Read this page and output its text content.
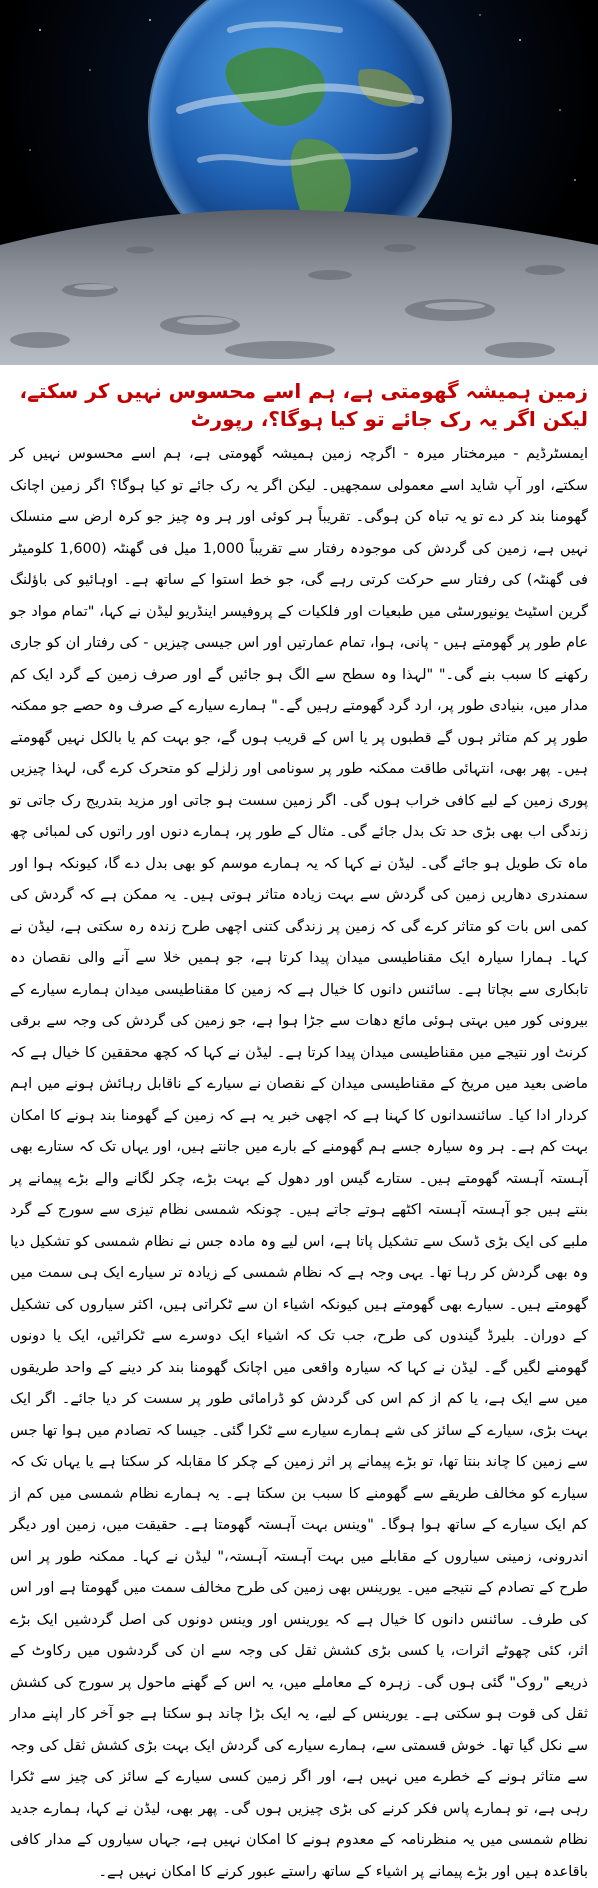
زمین ہمیشہ گھومتی ہے، ہم اسے محسوس نہیں کر سکتے، لیکن اگر یہ رک جائے تو کیا ہوگا؟، رپورٹ

ایمسٹرڈیم - میرمختار میرہ - اگرچہ زمین ہمیشہ گھومتی ہے، ہم اسے محسوس نہیں کر سکتے، اور آپ شاید اسے معمولی سمجھیں۔ لیکن اگر یہ رک جائے تو کیا ہوگا؟ اگر زمین اچانک گھومنا بند کر دے تو یہ تباہ کن ہوگی۔ تقریباً ہر کوئی اور ہر وہ چیز جو کرہ ارض سے منسلک نہیں ہے، زمین کی گردش کی موجودہ رفتار سے تقریباً 1,000 میل فی گھنٹہ (1,600 کلومیٹر فی گھنٹہ) کی رفتار سے حرکت کرتی رہے گی، جو خط استوا کے ساتھ ہے۔ اوہائیو کی باؤلنگ گرین اسٹیٹ یونیورسٹی میں طبعیات اور فلکیات کے پروفیسر اینڈریو لیڈن نے کہا، "تمام مواد جو عام طور پر گھومتے ہیں - پانی، ہوا، تمام عمارتیں اور اس جیسی چیزیں - کی رفتار ان کو جاری رکھنے کا سبب بنے گی۔" "لہذا وہ سطح سے الگ ہو جائیں گے اور صرف زمین کے گرد ایک کم مدار میں، بنیادی طور پر، ارد گرد گھومتے رہیں گے۔" ہمارے سیارے کے صرف وہ حصے جو ممکنہ طور پر کم متاثر ہوں گے قطبوں پر یا اس کے قریب ہوں گے، جو بہت کم یا بالکل نہیں گھومتے ہیں۔ پھر بھی، انتہائی طاقت ممکنہ طور پر سونامی اور زلزلے کو متحرک کرے گی، لہذا چیزیں پوری زمین کے لیے کافی خراب ہوں گی۔ اگر زمین سست ہو جاتی اور مزید بتدریج رک جاتی تو زندگی اب بھی بڑی حد تک بدل جائے گی۔ مثال کے طور پر، ہمارے دنوں اور راتوں کی لمبائی چھ ماہ تک طویل ہو جائے گی۔ لیڈن نے کہا کہ یہ ہمارے موسم کو بھی بدل دے گا، کیونکہ ہوا اور سمندری دھاریں زمین کی گردش سے بہت زیادہ متاثر ہوتی ہیں۔ یہ ممکن ہے کہ گردش کی کمی اس بات کو متاثر کرے گی کہ زمین پر زندگی کتنی اچھی طرح زندہ رہ سکتی ہے، لیڈن نے کہا۔ ہمارا سیارہ ایک مقناطیسی میدان پیدا کرتا ہے، جو ہمیں خلا سے آنے والی نقصان دہ تابکاری سے بچاتا ہے۔ سائنس دانوں کا خیال ہے کہ زمین کا مقناطیسی میدان ہمارے سیارے کے بیرونی کور میں بہتی ہوئی مائع دھات سے جڑا ہوا ہے، جو زمین کی گردش کی وجہ سے برقی کرنٹ اور نتیجے میں مقناطیسی میدان پیدا کرتا ہے۔ لیڈن نے کہا کہ کچھ محققین کا خیال ہے کہ ماضی بعید میں مریخ کے مقناطیسی میدان کے نقصان نے سیارے کے ناقابل رہائش ہونے میں اہم کردار ادا کیا۔ سائنسدانوں کا کہنا ہے کہ اچھی خبر یہ ہے کہ زمین کے گھومنا بند ہونے کا امکان بہت کم ہے۔ ہر وہ سیارہ جسے ہم گھومنے کے بارے میں جانتے ہیں، اور یہاں تک کہ ستارے بھی آہستہ آہستہ گھومتے ہیں۔ ستارے گیس اور دھول کے بہت بڑے، چکر لگانے والے بڑے پیمانے پر بنتے ہیں جو آہستہ آہستہ اکٹھے ہوتے جاتے ہیں۔ چونکہ شمسی نظام تیزی سے سورج کے گرد ملبے کی ایک بڑی ڈسک سے تشکیل پاتا ہے، اس لیے وہ مادہ جس نے نظام شمسی کو تشکیل دیا وہ بھی گردش کر رہا تھا۔ یہی وجہ ہے کہ نظام شمسی کے زیادہ تر سیارے ایک ہی سمت میں گھومتے ہیں۔ سیارے بھی گھومتے ہیں کیونکہ اشیاء ان سے ٹکراتی ہیں، اکثر سیاروں کی تشکیل کے دوران۔ بلیرڈ گیندوں کی طرح، جب تک کہ اشیاء ایک دوسرے سے ٹکرائیں، ایک یا دونوں گھومنے لگیں گے۔ لیڈن نے کہا کہ سیارہ واقعی میں اچانک گھومنا بند کر دینے کے واحد طریقوں میں سے ایک ہے، یا کم از کم اس کی گردش کو ڈرامائی طور پر سست کر دیا جائے۔ اگر ایک بہت بڑی، سیارے کے سائز کی شے ہمارے سیارے سے ٹکرا گئی۔ جیسا کہ تصادم میں ہوا تھا جس سے زمین کا چاند بنتا تھا، تو بڑے پیمانے پر اثر زمین کے چکر کا مقابلہ کر سکتا ہے یا یہاں تک کہ سیارے کو مخالف طریقے سے گھومنے کا سبب بن سکتا ہے۔ یہ ہمارے نظام شمسی میں کم از کم ایک سیارے کے ساتھ ہوا ہوگا۔ "وینس بہت آہستہ گھومتا ہے۔ حقیقت میں، زمین اور دیگر اندرونی، زمینی سیاروں کے مقابلے میں بہت آہستہ آہستہ،" لیڈن نے کہا۔ ممکنہ طور پر اس طرح کے تصادم کے نتیجے میں۔ یورینس بھی زمین کی طرح مخالف سمت میں گھومتا ہے اور اس کی طرف۔ سائنس دانوں کا خیال ہے کہ یورینس اور وینس دونوں کی اصل گردشیں ایک بڑے اثر، کئی چھوٹے اثرات، یا کسی بڑی کشش ثقل کی وجہ سے ان کی گردشوں میں رکاوٹ کے ذریعے "روک" گئی ہوں گی۔ زہرہ کے معاملے میں، یہ اس کے گھنے ماحول پر سورج کی کشش ثقل کی قوت ہو سکتی ہے۔ یورینس کے لیے، یہ ایک بڑا چاند ہو سکتا ہے جو آخر کار اپنے مدار سے نکل گیا تھا۔ خوش قسمتی سے، ہمارے سیارے کی گردش ایک بہت بڑی کشش ثقل کی وجہ سے متاثر ہونے کے خطرے میں نہیں ہے، اور اگر زمین کسی سیارے کے سائز کی چیز سے ٹکرا رہی ہے، تو ہمارے پاس فکر کرنے کی بڑی چیزیں ہوں گی۔ پھر بھی، لیڈن نے کہا، ہمارے جدید نظام شمسی میں یہ منظرنامہ کے معدوم ہونے کا امکان نہیں ہے، جہاں سیاروں کے مدار کافی باقاعدہ ہیں اور بڑے پیمانے پر اشیاء کے ساتھ راستے عبور کرنے کا امکان نہیں ہے۔
